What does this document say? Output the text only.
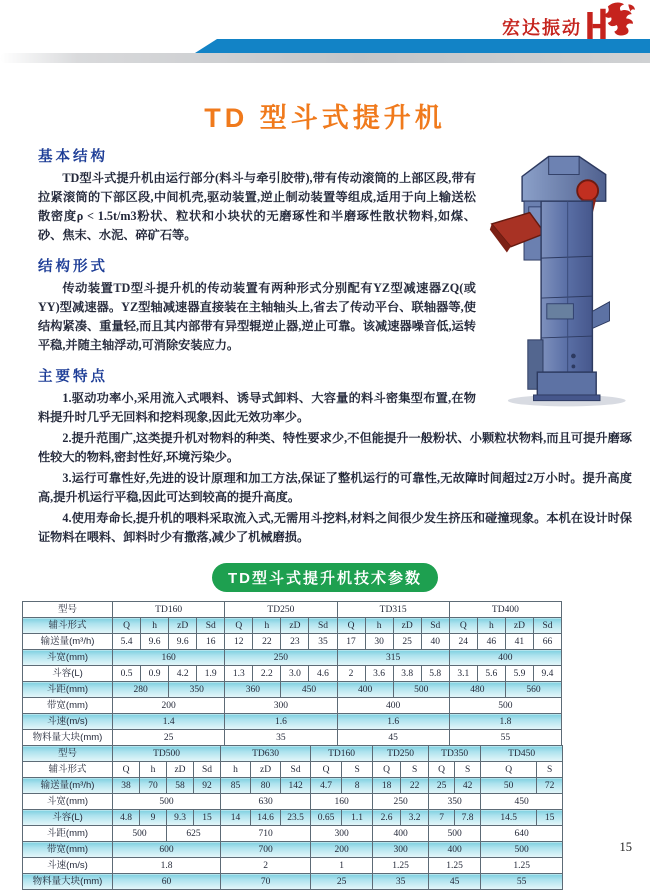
宏达振动
TD 型斗式提升机
基本结构

TD型斗式提升机由运行部分(料斗与牵引胶带),带有传动滚筒的上部区段,带有拉紧滚筒的下部区段,中间机壳,驱动装置,逆止制动装置等组成,适用于向上输送松散密度ρ < 1.5t/m3粉状、粒状和小块状的无磨琢性和半磨琢性散状物料,如煤、砂、焦末、水泥、碎矿石等。

结构形式

传动装置TD型斗提升机的传动装置有两种形式分别配有YZ型减速器ZQ(或YY)型减速器。YZ型轴减速器直接装在主轴轴头上,省去了传动平台、联轴器等,使结构紧凑、重量轻,而且其内部带有异型辊逆止器,逆止可靠。该减速器噪音低,运转平稳,并随主轴浮动,可消除安装应力。

主要特点

1.驱动功率小,采用流入式喂料、诱导式卸料、大容量的料斗密集型布置,在物料提升时几乎无回料和挖料现象,因此无效功率少。

2.提升范围广,这类提升机对物料的种类、特性要求少,不但能提升一般粉状、小颗粒状物料,而且可提升磨琢性较大的物料,密封性好,环境污染少。

3.运行可靠性好,先进的设计原理和加工方法,保证了整机运行的可靠性,无故障时间超过2万小时。提升高度高,提升机运行平稳,因此可达到较高的提升高度。

4.使用寿命长,提升机的喂料采取流入式,无需用斗挖料,材料之间很少发生挤压和碰撞现象。本机在设计时保证物料在喂料、卸料时少有撒落,减少了机械磨损。

TD型斗式提升机技术参数
型号	TD160				TD250				TD315				TD400			
辅斗形式	Q	h	zD	Sd	Q	h	zD	Sd	Q	h	zD	Sd	Q	h	zD	Sd
输送量(m³/h)	5.4	9.6	9.6	16	12	22	23	35	17	30	25	40	24	46	41	66
斗宽(mm)	160				250				315				400			
斗容(L)	0.5	0.9	4.2	1.9	1.3	2.2	3.0	4.6	2	3.6	3.8	5.8	3.1	5.6	5.9	9.4
斗距(mm)	280		350		360		450		400		500		480		560	
带宽(mm)	200				300				400				500			
斗速(m/s)	1.4				1.6				1.6				1.8			
物料量大块(mm)	25				35				45				55			
型号	TD500				TD630			TD160		TD250		TD350		TD450	
辅斗形式	Q	h	zD	Sd	h	zD	Sd	Q	S	Q	S	Q	S	Q	S
输送量(m³/h)	38	70	58	92	85	80	142	4.7	8	18	22	25	42	50	72
斗宽(mm)	500				630			160		250		350		450	
斗容(L)	4.8	9	9.3	15	14	14.6	23.5	0.65	1.1	2.6	3.2	7	7.8	14.5	15
斗距(mm)	500		625		710			300		400		500		640	
带宽(mm)	600				700			200		300		400		500	
斗速(m/s)	1.8				2			1		1.25		1.25		1.25	
物料量大块(mm)	60				70			25		35		45		55	
15
